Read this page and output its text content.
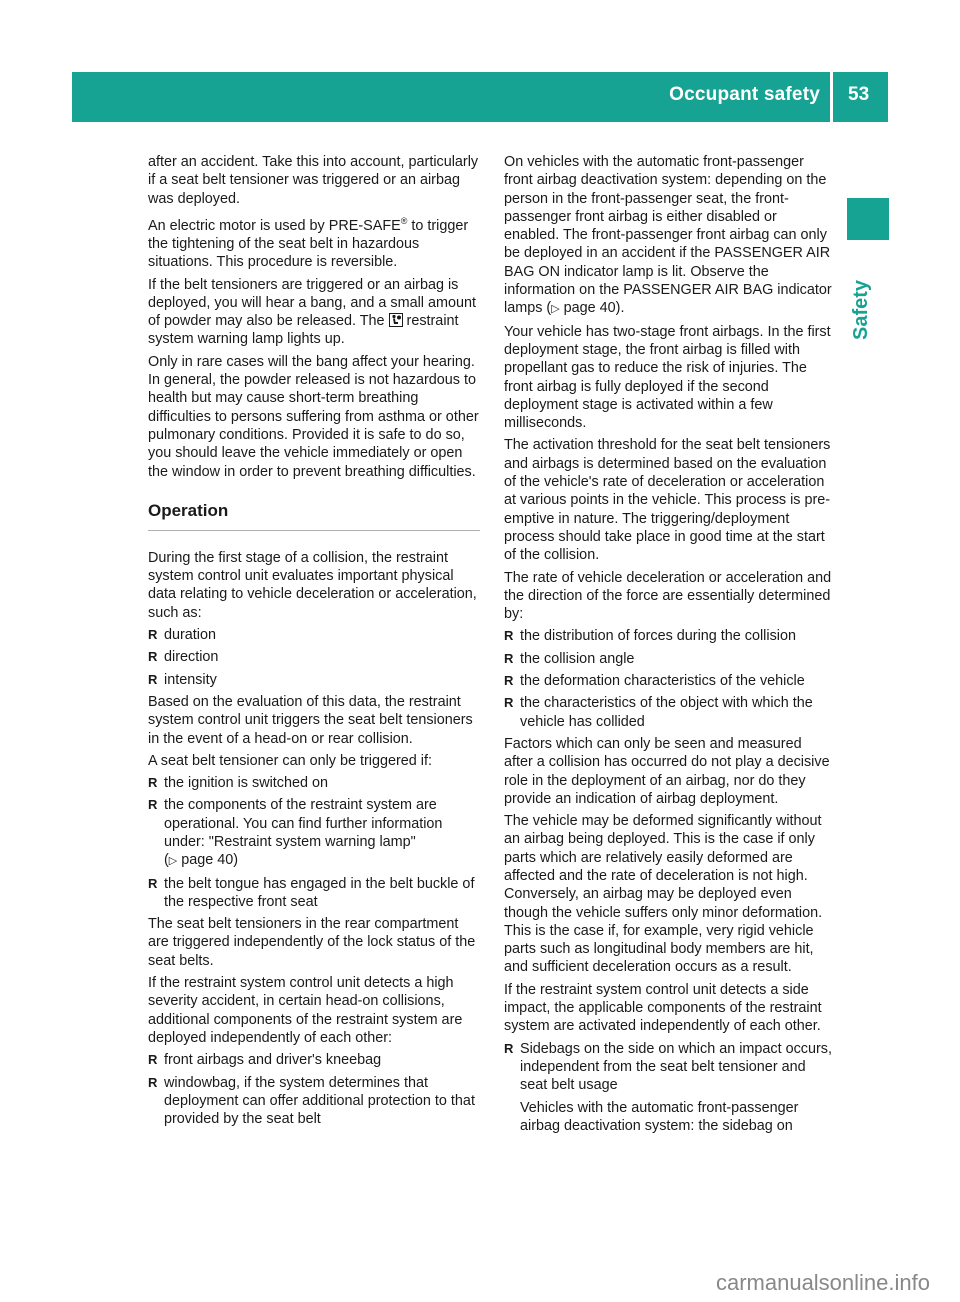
Occupant safety 53
Safety

after an accident. Take this into account, particularly if a seat belt tensioner was triggered or an airbag was deployed.

An electric motor is used by PRE-SAFE® to trigger the tightening of the seat belt in hazardous situations. This procedure is reversible.

If the belt tensioners are triggered or an airbag is deployed, you will hear a bang, and a small amount of powder may also be released. The  restraint system warning lamp lights up.

Only in rare cases will the bang affect your hearing. In general, the powder released is not hazardous to health but may cause short-term breathing difficulties to persons suffering from asthma or other pulmonary conditions. Provided it is safe to do so, you should leave the vehicle immediately or open the window in order to prevent breathing difficulties.

Operation

During the first stage of a collision, the restraint system control unit evaluates important physical data relating to vehicle deceleration or acceleration, such as:

R duration
R direction
R intensity

Based on the evaluation of this data, the restraint system control unit triggers the seat belt tensioners in the event of a head-on or rear collision.

A seat belt tensioner can only be triggered if:

R the ignition is switched on
R the components of the restraint system are operational. You can find further information under: "Restraint system warning lamp"
(▷ page 40)
R the belt tongue has engaged in the belt buckle of the respective front seat

The seat belt tensioners in the rear compartment are triggered independently of the lock status of the seat belts.

If the restraint system control unit detects a high severity accident, in certain head-on collisions, additional components of the restraint system are deployed independently of each other:

R front airbags and driver's kneebag
R windowbag, if the system determines that deployment can offer additional protection to that provided by the seat belt

On vehicles with the automatic front-passenger front airbag deactivation system: depending on the person in the front-passenger seat, the front-passenger front airbag is either disabled or enabled. The front-passenger front airbag can only be deployed in an accident if the PASSENGER AIR BAG ON indicator lamp is lit. Observe the information on the PASSENGER AIR BAG indicator lamps (▷ page 40).

Your vehicle has two-stage front airbags. In the first deployment stage, the front airbag is filled with propellant gas to reduce the risk of injuries. The front airbag is fully deployed if the second deployment stage is activated within a few milliseconds.

The activation threshold for the seat belt tensioners and airbags is determined based on the evaluation of the vehicle's rate of deceleration or acceleration at various points in the vehicle. This process is pre-emptive in nature. The triggering/deployment process should take place in good time at the start of the collision.

The rate of vehicle deceleration or acceleration and the direction of the force are essentially determined by:

R the distribution of forces during the collision
R the collision angle
R the deformation characteristics of the vehicle
R the characteristics of the object with which the vehicle has collided

Factors which can only be seen and measured after a collision has occurred do not play a decisive role in the deployment of an airbag, nor do they provide an indication of airbag deployment.

The vehicle may be deformed significantly without an airbag being deployed. This is the case if only parts which are relatively easily deformed are affected and the rate of deceleration is not high. Conversely, an airbag may be deployed even though the vehicle suffers only minor deformation. This is the case if, for example, very rigid vehicle parts such as longitudinal body members are hit, and sufficient deceleration occurs as a result.

If the restraint system control unit detects a side impact, the applicable components of the restraint system are activated independently of each other.

R Sidebags on the side on which an impact occurs, independent from the seat belt tensioner and seat belt usage

Vehicles with the automatic front-passenger airbag deactivation system: the sidebag on

carmanualsonline.info
